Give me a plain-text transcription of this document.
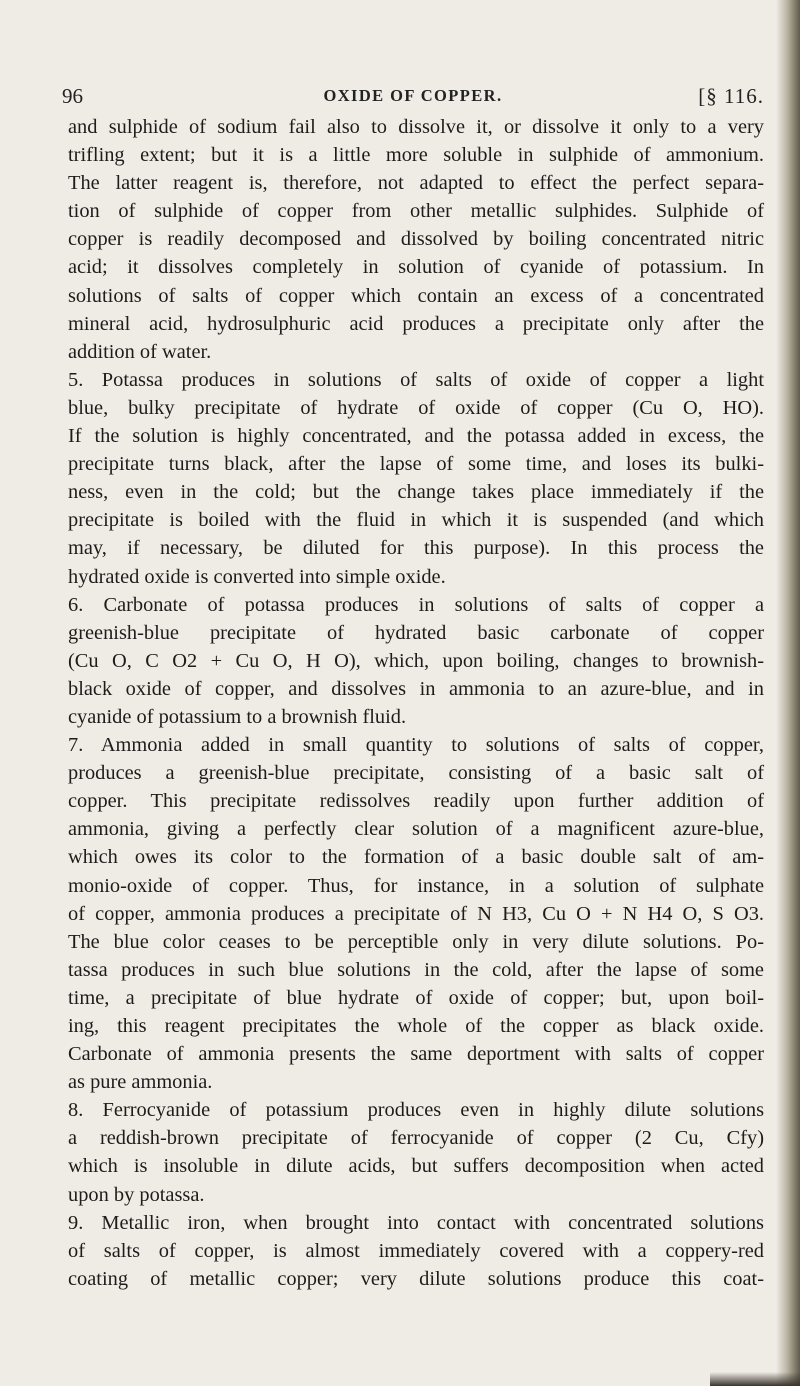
96	OXIDE OF COPPER.	[§ 116.
and sulphide of sodium fail also to dissolve it, or dissolve it only to a very
trifling extent; but it is a little more soluble in sulphide of ammonium.
The latter reagent is, therefore, not adapted to effect the perfect separa-
tion of sulphide of copper from other metallic sulphides. Sulphide of
copper is readily decomposed and dissolved by boiling concentrated nitric
acid; it dissolves completely in solution of cyanide of potassium. In
solutions of salts of copper which contain an excess of a concentrated
mineral acid, hydrosulphuric acid produces a precipitate only after the
addition of water.
5. Potassa produces in solutions of salts of oxide of copper a light
blue, bulky precipitate of hydrate of oxide of copper (Cu O, HO).
If the solution is highly concentrated, and the potassa added in excess, the
precipitate turns black, after the lapse of some time, and loses its bulki-
ness, even in the cold; but the change takes place immediately if the
precipitate is boiled with the fluid in which it is suspended (and which
may, if necessary, be diluted for this purpose). In this process the
hydrated oxide is converted into simple oxide.
6. Carbonate of potassa produces in solutions of salts of copper a
greenish-blue precipitate of hydrated basic carbonate of copper
(Cu O, C O2 + Cu O, H O), which, upon boiling, changes to brownish-
black oxide of copper, and dissolves in ammonia to an azure-blue, and in
cyanide of potassium to a brownish fluid.
7. Ammonia added in small quantity to solutions of salts of copper,
produces a greenish-blue precipitate, consisting of a basic salt of
copper. This precipitate redissolves readily upon further addition of
ammonia, giving a perfectly clear solution of a magnificent azure-blue,
which owes its color to the formation of a basic double salt of am-
monio-oxide of copper. Thus, for instance, in a solution of sulphate
of copper, ammonia produces a precipitate of N H3, Cu O + N H4 O, S O3.
The blue color ceases to be perceptible only in very dilute solutions. Po-
tassa produces in such blue solutions in the cold, after the lapse of some
time, a precipitate of blue hydrate of oxide of copper; but, upon boil-
ing, this reagent precipitates the whole of the copper as black oxide.
Carbonate of ammonia presents the same deportment with salts of copper
as pure ammonia.
8. Ferrocyanide of potassium produces even in highly dilute solutions
a reddish-brown precipitate of ferrocyanide of copper (2 Cu, Cfy)
which is insoluble in dilute acids, but suffers decomposition when acted
upon by potassa.
9. Metallic iron, when brought into contact with concentrated solutions
of salts of copper, is almost immediately covered with a coppery-red
coating of metallic copper; very dilute solutions produce this coat-
